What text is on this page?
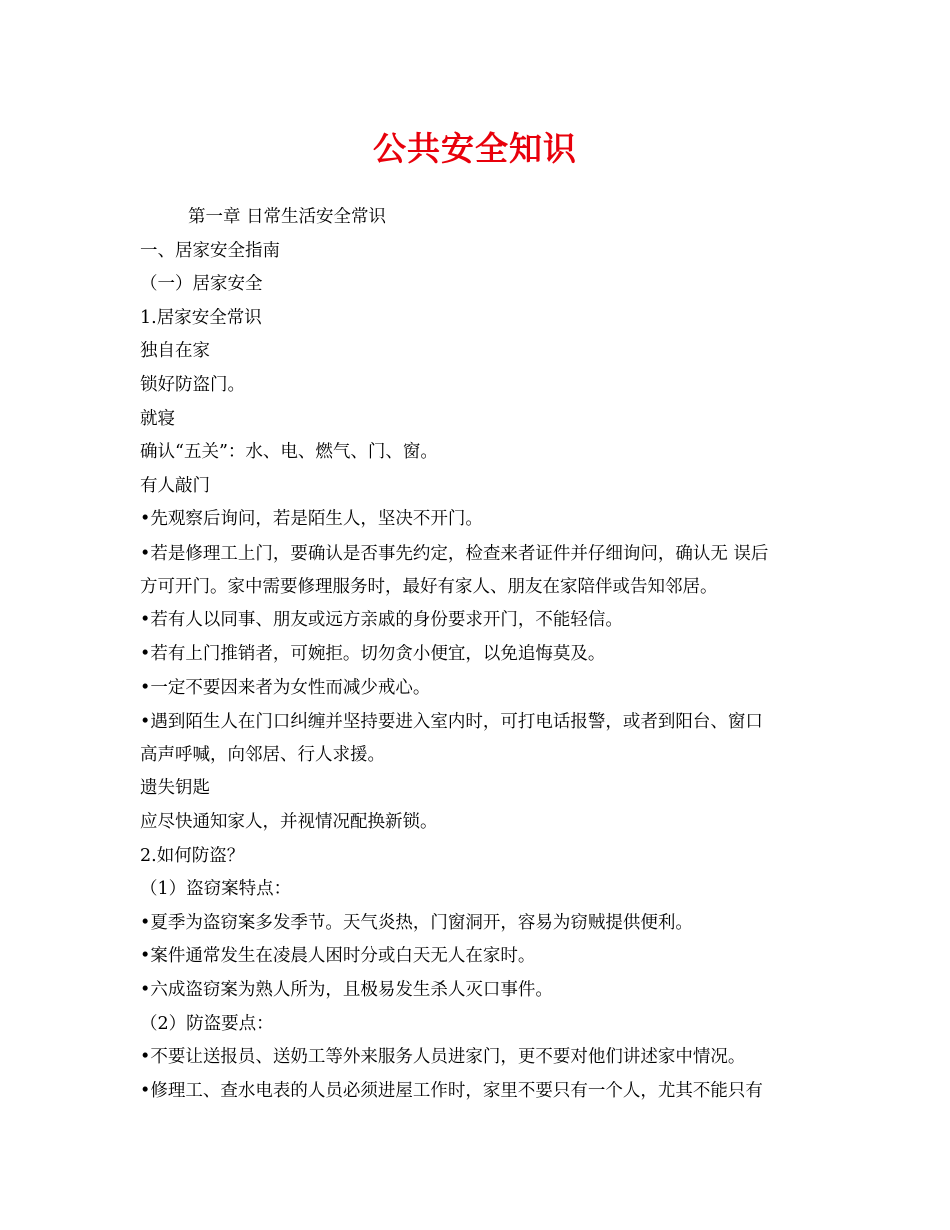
公共安全知识
第一章 日常生活安全常识
一、居家安全指南
（一）居家安全
1.居家安全常识
独自在家
锁好防盗门。
就寝
确认“五关”：水、电、燃气、门、窗。
有人敲门
•先观察后询问，若是陌生人，坚决不开门。
•若是修理工上门，要确认是否事先约定，检查来者证件并仔细询问，确认无 误后
方可开门。家中需要修理服务时，最好有家人、朋友在家陪伴或告知邻居。
•若有人以同事、朋友或远方亲戚的身份要求开门，不能轻信。
•若有上门推销者，可婉拒。切勿贪小便宜，以免追悔莫及。
•一定不要因来者为女性而减少戒心。
•遇到陌生人在门口纠缠并坚持要进入室内时，可打电话报警，或者到阳台、窗口
高声呼喊，向邻居、行人求援。
遗失钥匙
应尽快通知家人，并视情况配换新锁。
2.如何防盗？
（1）盗窃案特点：
•夏季为盗窃案多发季节。天气炎热，门窗洞开，容易为窃贼提供便利。
•案件通常发生在凌晨人困时分或白天无人在家时。
•六成盗窃案为熟人所为，且极易发生杀人灭口事件。
（2）防盗要点：
•不要让送报员、送奶工等外来服务人员进家门，更不要对他们讲述家中情况。
•修理工、查水电表的人员必须进屋工作时，家里不要只有一个人，尤其不能只有
